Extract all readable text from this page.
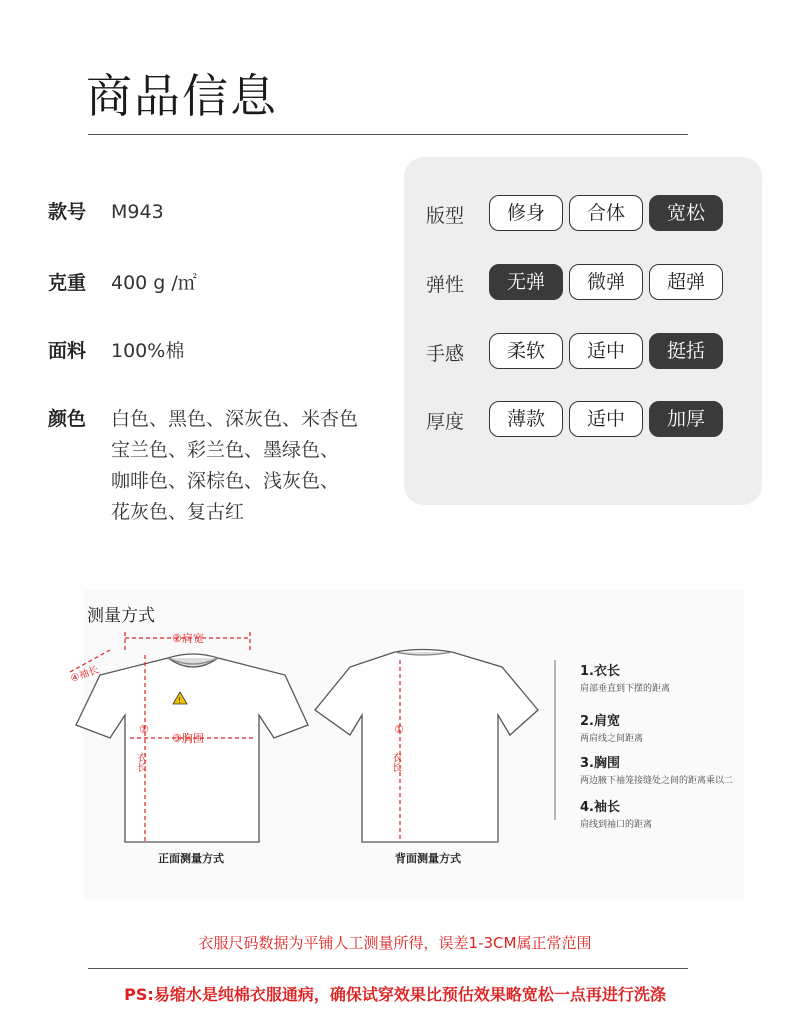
商品信息
款号 M943
克重 400 g /㎡
面料 100%棉
颜色 白色、黑色、深灰色、米杏色
宝兰色、彩兰色、墨绿色、
咖啡色、深棕色、浅灰色、
花灰色、复古红
版型	修身	合体	宽松
弹性	无弹	微弹	超弹
手感	柔软	适中	挺括
厚度	薄款	适中	加厚
测量方式
②肩宽
④袖长
③胸围
①
衣长
①
衣长
!
正面测量方式	背面测量方式
1.衣长
肩部垂直到下摆的距离
2.肩宽
两肩线之间距离
3.胸围
两边腋下袖笼接缝处之间的距离乘以二
4.袖长
肩线到袖口的距离
衣服尺码数据为平铺人工测量所得，误差1-3CM属正常范围
PS:易缩水是纯棉衣服通病，确保试穿效果比预估效果略宽松一点再进行洗涤
